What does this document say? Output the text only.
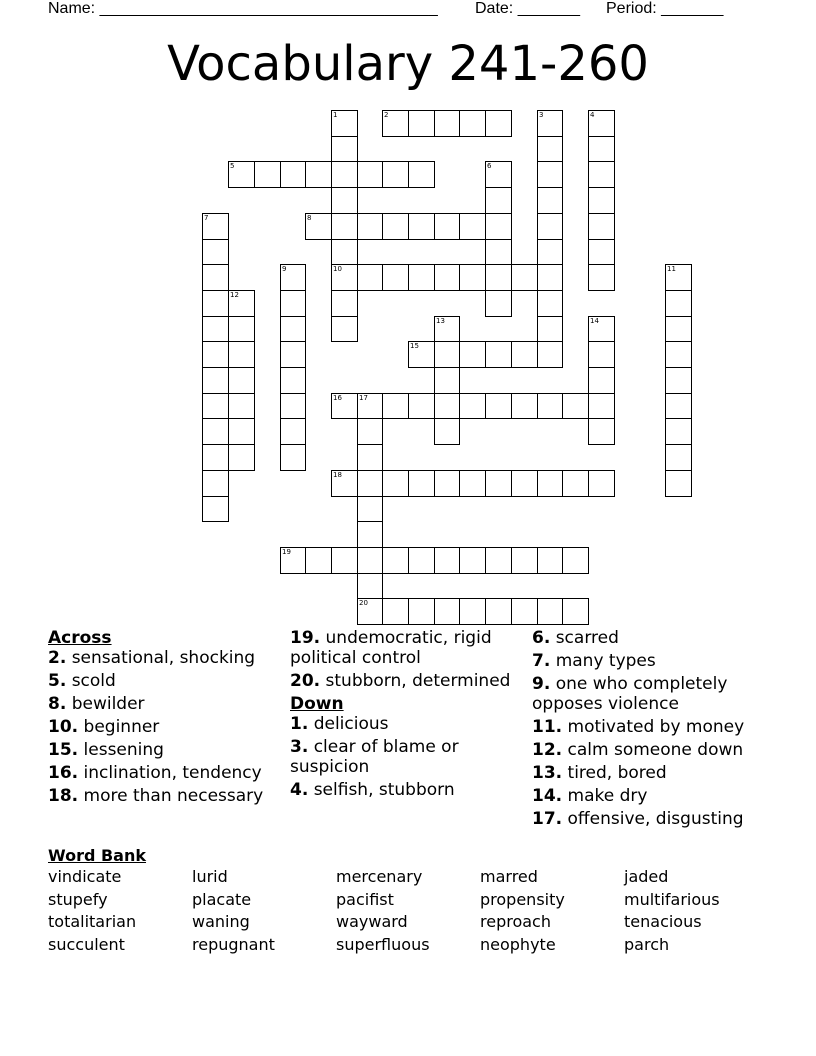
Name: ______________________________________ Date: _______ Period: _______
Vocabulary 241-260
1
10
2	3	4
5	6
7	8
9	11
12
13	14
15
16 17
18
19
20
Across
2. sensational, shocking
5. scold
8. bewilder
10. beginner
15. lessening
16. inclination, tendency
18. more than necessary
19. undemocratic, rigid political control
20. stubborn, determined
Down
1. delicious
3. clear of blame or suspicion
4. selfish, stubborn
6. scarred
7. many types
9. one who completely opposes violence
11. motivated by money
12. calm someone down
13. tired, bored
14. make dry
17. offensive, disgusting
Word Bank
vindicate	lurid	mercenary	marred	jaded
stupefy	placate	pacifist	propensity	multifarious
totalitarian	waning	wayward	reproach	tenacious
succulent	repugnant	superfluous	neophyte	parch
